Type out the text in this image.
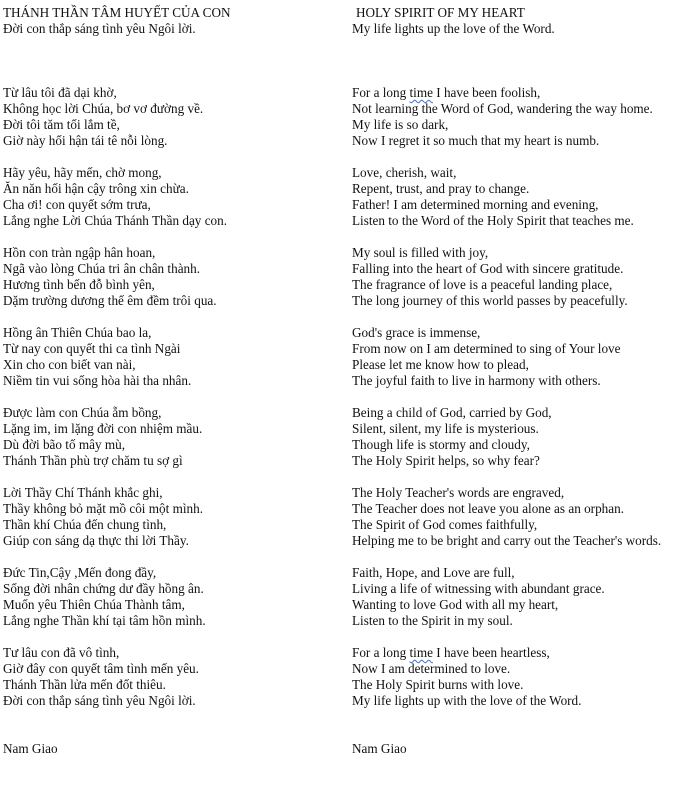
THÁNH THẦN TÂM HUYẾT CỦA CON
Đời con thắp sáng tình yêu Ngôi lời.
Từ lâu tôi đã dại khờ,
Không học lời Chúa, bơ vơ đường về.
Đời tôi tăm tối lắm tề,
Giờ này hối hận tái tê nỗi lòng.
Hãy yêu, hãy mến, chờ mong,
Ăn năn hối hận cậy trông xin chừa.
Cha ơi! con quyết sớm trưa,
Lắng nghe Lời Chúa Thánh Thần dạy con.
Hồn con tràn ngập hân hoan,
Ngã vào lòng Chúa tri ân chân thành.
Hương tình bến đỗ bình yên,
Dặm trường dương thế êm đềm trôi qua.
Hồng ân Thiên Chúa bao la,
Từ nay con quyết thi ca tình Ngài
Xin cho con biết van nài,
Niềm tin vui sống hòa hài tha nhân.
Được làm con Chúa ẵm bồng,
Lặng im, im lặng đời con nhiệm mầu.
Dù đời bão tố mây mù,
Thánh Thần phù trợ chăm tu sợ gì
Lời Thầy Chí Thánh khắc ghi,
Thầy không bỏ mặt mồ côi một mình.
Thần khí Chúa đến chung tình,
Giúp con sáng dạ thực thi lời Thầy.
Đức Tin,Cậy ,Mến đong đầy,
Sống đời nhân chứng dư đầy hồng ân.
Muốn yêu Thiên Chúa Thành tâm,
Lắng nghe Thần khí tại tâm hồn mình.
Tư lâu con đã vô tình,
Giờ đây con quyết tâm tình mến yêu.
Thánh Thần lửa mến đốt thiêu.
Đời con thắp sáng tình yêu Ngôi lời.
Nam Giao
HOLY SPIRIT OF MY HEART
My life lights up the love of the Word.
For a long time I have been foolish,
Not learning the Word of God, wandering the way home.
My life is so dark,
Now I regret it so much that my heart is numb.
Love, cherish, wait,
Repent, trust, and pray to change.
Father! I am determined morning and evening,
Listen to the Word of the Holy Spirit that teaches me.
My soul is filled with joy,
Falling into the heart of God with sincere gratitude.
The fragrance of love is a peaceful landing place,
The long journey of this world passes by peacefully.
God's grace is immense,
From now on I am determined to sing of Your love
Please let me know how to plead,
The joyful faith to live in harmony with others.
Being a child of God, carried by God,
Silent, silent, my life is mysterious.
Though life is stormy and cloudy,
The Holy Spirit helps, so why fear?
The Holy Teacher's words are engraved,
The Teacher does not leave you alone as an orphan.
The Spirit of God comes faithfully,
Helping me to be bright and carry out the Teacher's words.
Faith, Hope, and Love are full,
Living a life of witnessing with abundant grace.
Wanting to love God with all my heart,
Listen to the Spirit in my soul.
For a long time I have been heartless,
Now I am determined to love.
The Holy Spirit burns with love.
My life lights up with the love of the Word.
Nam Giao
